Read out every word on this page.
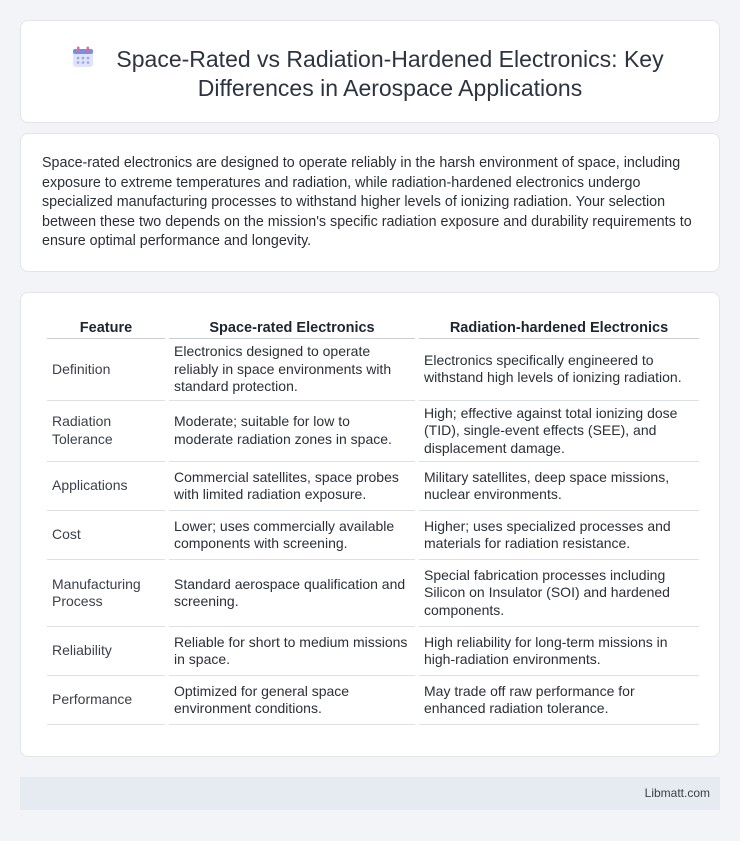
Space-Rated vs Radiation-Hardened Electronics: Key Differences in Aerospace Applications

Space-rated electronics are designed to operate reliably in the harsh environment of space, including exposure to extreme temperatures and radiation, while radiation-hardened electronics undergo specialized manufacturing processes to withstand higher levels of ionizing radiation. Your selection between these two depends on the mission's specific radiation exposure and durability requirements to ensure optimal performance and longevity.

Feature	Space-rated Electronics	Radiation-hardened Electronics
Definition	Electronics designed to operate reliably in space environments with standard protection.	Electronics specifically engineered to withstand high levels of ionizing radiation.
Radiation Tolerance	Moderate; suitable for low to moderate radiation zones in space.	High; effective against total ionizing dose (TID), single-event effects (SEE), and displacement damage.
Applications	Commercial satellites, space probes with limited radiation exposure.	Military satellites, deep space missions, nuclear environments.
Cost	Lower; uses commercially available components with screening.	Higher; uses specialized processes and materials for radiation resistance.
Manufacturing Process	Standard aerospace qualification and screening.	Special fabrication processes including Silicon on Insulator (SOI) and hardened components.
Reliability	Reliable for short to medium missions in space.	High reliability for long-term missions in high-radiation environments.
Performance	Optimized for general space environment conditions.	May trade off raw performance for enhanced radiation tolerance.
Libmatt.com
